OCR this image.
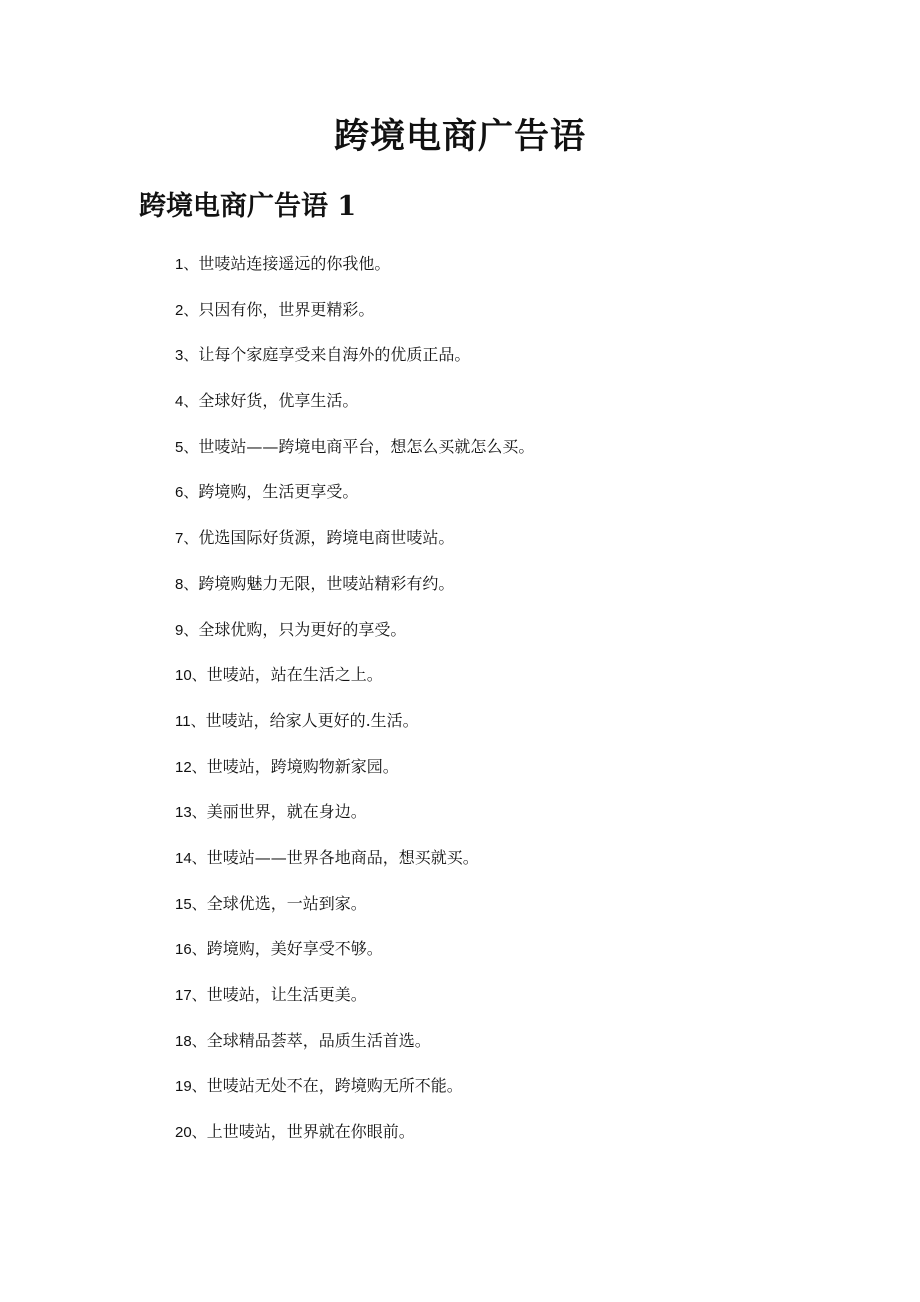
跨境电商广告语
跨境电商广告语 1
1、世唛站连接遥远的你我他。
2、只因有你，世界更精彩。
3、让每个家庭享受来自海外的优质正品。
4、全球好货，优享生活。
5、世唛站——跨境电商平台，想怎么买就怎么买。
6、跨境购，生活更享受。
7、优选国际好货源，跨境电商世唛站。
8、跨境购魅力无限，世唛站精彩有约。
9、全球优购，只为更好的享受。
10、世唛站，站在生活之上。
11、世唛站，给家人更好的.生活。
12、世唛站，跨境购物新家园。
13、美丽世界，就在身边。
14、世唛站——世界各地商品，想买就买。
15、全球优选，一站到家。
16、跨境购，美好享受不够。
17、世唛站，让生活更美。
18、全球精品荟萃，品质生活首选。
19、世唛站无处不在，跨境购无所不能。
20、上世唛站，世界就在你眼前。
